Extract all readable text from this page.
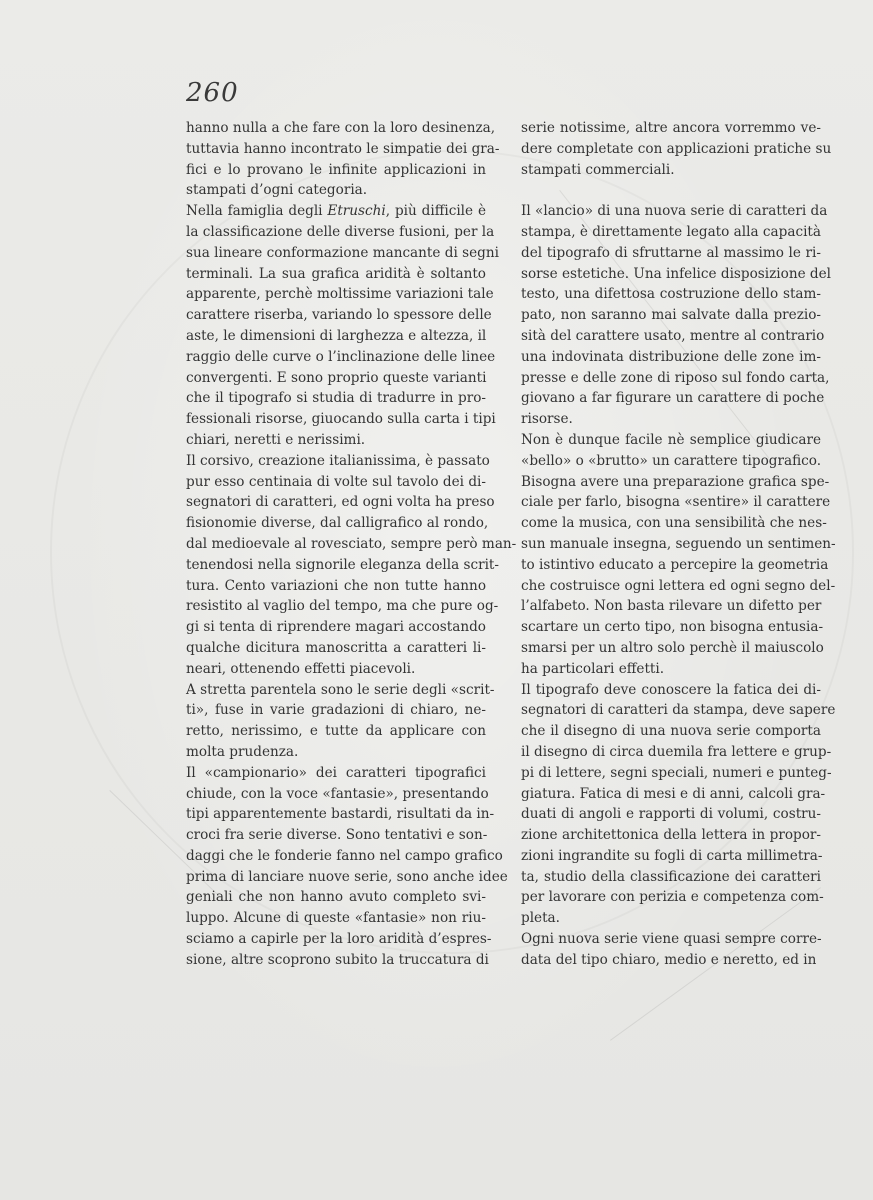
260
hanno nulla a che fare con la loro desinenza,
tuttavia hanno incontrato le simpatie dei gra-
fici e lo provano le infinite applicazioni in
stampati d’ogni categoria.
Nella famiglia degli Etruschi, più difficile è
la classificazione delle diverse fusioni, per la
sua lineare conformazione mancante di segni
terminali. La sua grafica aridità è soltanto
apparente, perchè moltissime variazioni tale
carattere riserba, variando lo spessore delle
aste, le dimensioni di larghezza e altezza, il
raggio delle curve o l’inclinazione delle linee
convergenti. E sono proprio queste varianti
che il tipografo si studia di tradurre in pro-
fessionali risorse, giuocando sulla carta i tipi
chiari, neretti e nerissimi.
Il corsivo, creazione italianissima, è passato
pur esso centinaia di volte sul tavolo dei di-
segnatori di caratteri, ed ogni volta ha preso
fisionomie diverse, dal calligrafico al rondo,
dal medioevale al rovesciato, sempre però man-
tenendosi nella signorile eleganza della scrit-
tura. Cento variazioni che non tutte hanno
resistito al vaglio del tempo, ma che pure og-
gi si tenta di riprendere magari accostando
qualche dicitura manoscritta a caratteri li-
neari, ottenendo effetti piacevoli.
A stretta parentela sono le serie degli «scrit-
ti», fuse in varie gradazioni di chiaro, ne-
retto, nerissimo, e tutte da applicare con
molta prudenza.
Il «campionario» dei caratteri tipografici
chiude, con la voce «fantasie», presentando
tipi apparentemente bastardi, risultati da in-
croci fra serie diverse. Sono tentativi e son-
daggi che le fonderie fanno nel campo grafico
prima di lanciare nuove serie, sono anche idee
geniali che non hanno avuto completo svi-
luppo. Alcune di queste «fantasie» non riu-
sciamo a capirle per la loro aridità d’espres-
sione, altre scoprono subito la truccatura di
serie notissime, altre ancora vorremmo ve-
dere completate con applicazioni pratiche su
stampati commerciali.
Il «lancio» di una nuova serie di caratteri da
stampa, è direttamente legato alla capacità
del tipografo di sfruttarne al massimo le ri-
sorse estetiche. Una infelice disposizione del
testo, una difettosa costruzione dello stam-
pato, non saranno mai salvate dalla prezio-
sità del carattere usato, mentre al contrario
una indovinata distribuzione delle zone im-
presse e delle zone di riposo sul fondo carta,
giovano a far figurare un carattere di poche
risorse.
Non è dunque facile nè semplice giudicare
«bello» o «brutto» un carattere tipografico.
Bisogna avere una preparazione grafica spe-
ciale per farlo, bisogna «sentire» il carattere
come la musica, con una sensibilità che nes-
sun manuale insegna, seguendo un sentimen-
to istintivo educato a percepire la geometria
che costruisce ogni lettera ed ogni segno del-
l’alfabeto. Non basta rilevare un difetto per
scartare un certo tipo, non bisogna entusia-
smarsi per un altro solo perchè il maiuscolo
ha particolari effetti.
Il tipografo deve conoscere la fatica dei di-
segnatori di caratteri da stampa, deve sapere
che il disegno di una nuova serie comporta
il disegno di circa duemila fra lettere e grup-
pi di lettere, segni speciali, numeri e punteg-
giatura. Fatica di mesi e di anni, calcoli gra-
duati di angoli e rapporti di volumi, costru-
zione architettonica della lettera in propor-
zioni ingrandite su fogli di carta millimetra-
ta, studio della classificazione dei caratteri
per lavorare con perizia e competenza com-
pleta.
Ogni nuova serie viene quasi sempre corre-
data del tipo chiaro, medio e neretto, ed in
